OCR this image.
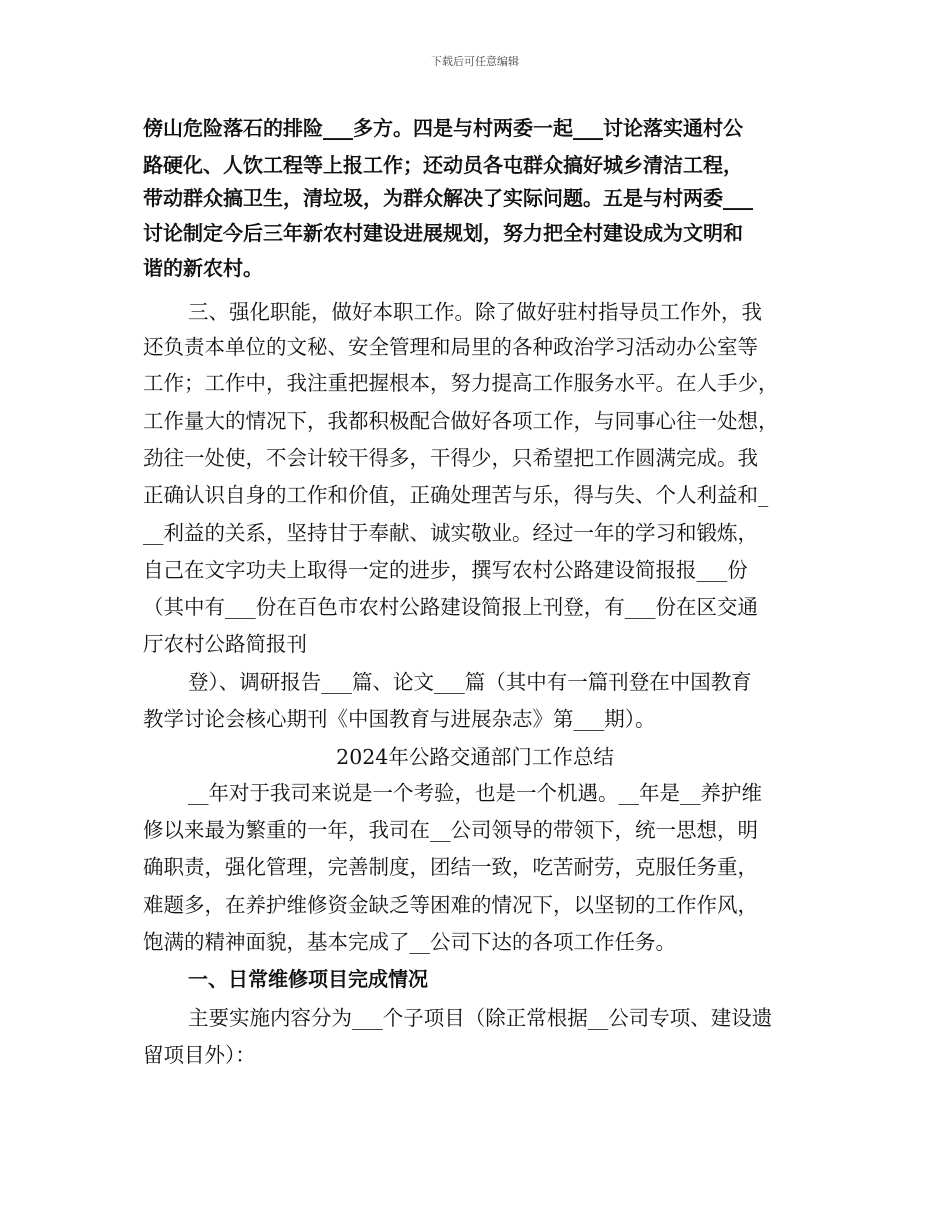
下载后可任意编辑
傍山危险落石的排险___多方。四是与村两委一起___讨论落实通村公
路硬化、人饮工程等上报工作；还动员各屯群众搞好城乡清洁工程，
带动群众搞卫生，清垃圾，为群众解决了实际问题。五是与村两委___
讨论制定今后三年新农村建设进展规划，努力把全村建设成为文明和
谐的新农村。
三、强化职能，做好本职工作。除了做好驻村指导员工作外，我
还负责本单位的文秘、安全管理和局里的各种政治学习活动办公室等
工作；工作中，我注重把握根本，努力提高工作服务水平。在人手少，
工作量大的情况下，我都积极配合做好各项工作，与同事心往一处想，
劲往一处使，不会计较干得多，干得少，只希望把工作圆满完成。我
正确认识自身的工作和价值，正确处理苦与乐，得与失、个人利益和_
__利益的关系，坚持甘于奉献、诚实敬业。经过一年的学习和锻炼，
自己在文字功夫上取得一定的进步，撰写农村公路建设简报报___份
（其中有___份在百色市农村公路建设简报上刊登，有___份在区交通
厅农村公路简报刊
登）、调研报告___篇、论文___篇（其中有一篇刊登在中国教育
教学讨论会核心期刊《中国教育与进展杂志》第___期）。
2024年公路交通部门工作总结
__年对于我司来说是一个考验，也是一个机遇。__年是__养护维
修以来最为繁重的一年，我司在__公司领导的带领下，统一思想，明
确职责，强化管理，完善制度，团结一致，吃苦耐劳，克服任务重，
难题多，在养护维修资金缺乏等困难的情况下，以坚韧的工作作风，
饱满的精神面貌，基本完成了__公司下达的各项工作任务。
一、日常维修项目完成情况
主要实施内容分为___个子项目（除正常根据__公司专项、建设遗
留项目外）：
